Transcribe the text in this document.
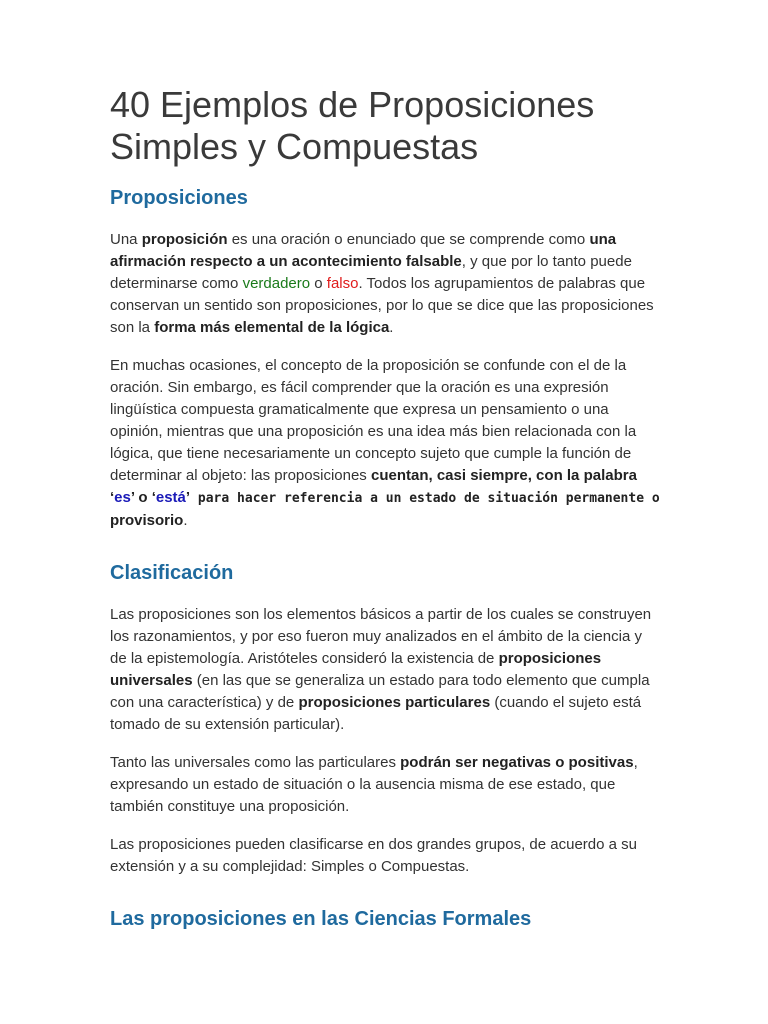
40 Ejemplos de Proposiciones Simples y Compuestas
Proposiciones

Una proposición es una oración o enunciado que se comprende como una afirmación respecto a un acontecimiento falsable, y que por lo tanto puede determinarse como verdadero o falso. Todos los agrupamientos de palabras que conservan un sentido son proposiciones, por lo que se dice que las proposiciones son la forma más elemental de la lógica.

En muchas ocasiones, el concepto de la proposición se confunde con el de la oración. Sin embargo, es fácil comprender que la oración es una expresión lingüística compuesta gramaticalmente que expresa un pensamiento o una opinión, mientras que una proposición es una idea más bien relacionada con la lógica, que tiene necesariamente un concepto sujeto que cumple la función de determinar al objeto: las proposiciones cuentan, casi siempre, con la palabra ‘es’ o ‘está’ para hacer referencia a un estado de situación permanente o
provisorio.

Clasificación

Las proposiciones son los elementos básicos a partir de los cuales se construyen los razonamientos, y por eso fueron muy analizados en el ámbito de la ciencia y de la epistemología. Aristóteles consideró la existencia de proposiciones universales (en las que se generaliza un estado para todo elemento que cumpla con una característica) y de proposiciones particulares (cuando el sujeto está tomado de su extensión particular).

Tanto las universales como las particulares podrán ser negativas o positivas, expresando un estado de situación o la ausencia misma de ese estado, que también constituye una proposición.

Las proposiciones pueden clasificarse en dos grandes grupos, de acuerdo a su extensión y a su complejidad: Simples o Compuestas.

Las proposiciones en las Ciencias Formales
